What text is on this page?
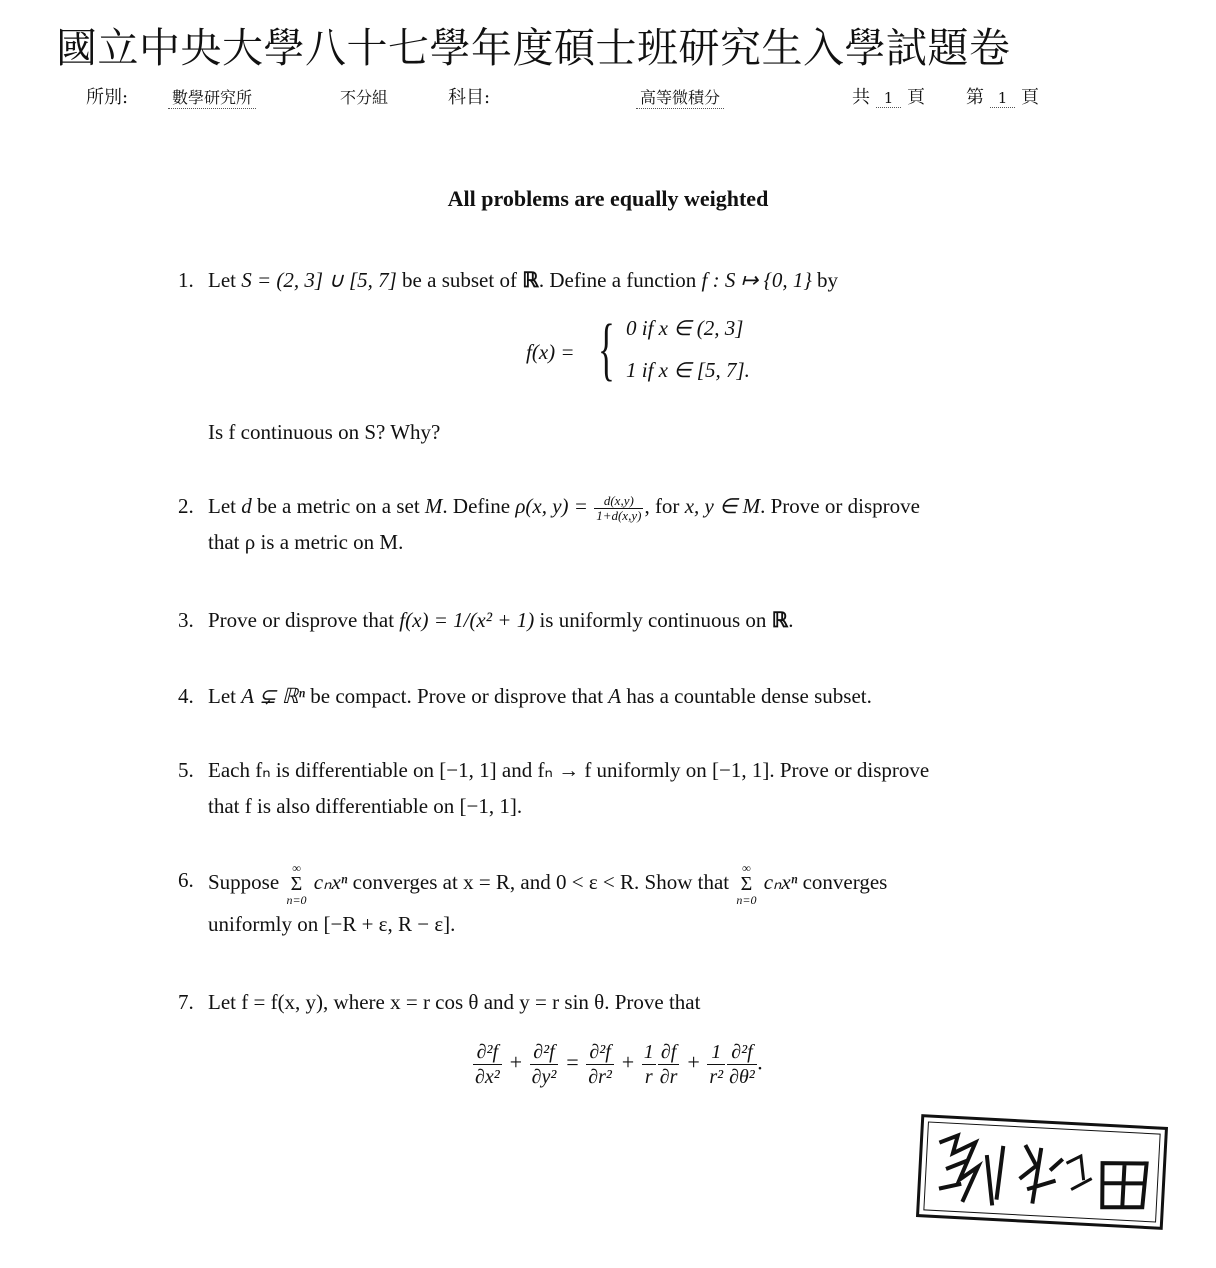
國立中央大學八十七學年度碩士班研究生入學試題卷
所別:	數學研究所	不分組	科目:	高等微積分	共 1 頁 第 1 頁
All problems are equally weighted
1. Let S = (2, 3] ∪ [5, 7] be a subset of ℝ. Define a function f : S ↦ {0, 1} by
f(x) = { 0 if x ∈ (2, 3]
1 if x ∈ [5, 7].
Is f continuous on S? Why?
2. Let d be a metric on a set M. Define ρ(x, $y) = \frac{d(x,y)}{1+d(x,y)}$ , for x, y ∈ M. Prove or disprove
that ρ is a metric on M.
3. Prove or disprove that f(x) = 1/(x² + 1) is uniformly continuous on ℝ.
4. Let A ⊊ ℝⁿ be compact. Prove or disprove that A has a countable dense subset.
5. Each fₙ is differentiable on [−1, 1] and fₙ → f uniformly on [−1, 1]. Prove or disprove
that f is also differentiable on [−1, 1].
6. Suppose
∞
Σ
n=0
cₙxⁿ converges at x = R, and 0 < ε < R. Show that
∞
Σ
n=0
cₙxⁿ converges
uniformly on [−R + ε, R − ε].
7. Let f = f(x, y), where x = r cos θ and y = r sin θ. Prove that
$\frac{\text{∂²f}}{\text{∂x²}} + \frac{\text{∂²f}}{\text{∂y²}} = \frac{\text{∂²f}}{\text{∂r²}} + \frac{1}{r} \frac{\partial f}{\partial r} + \frac{1}{\text{r²}} \frac{\text{∂²f}}{\text{∂θ²}}$ .
